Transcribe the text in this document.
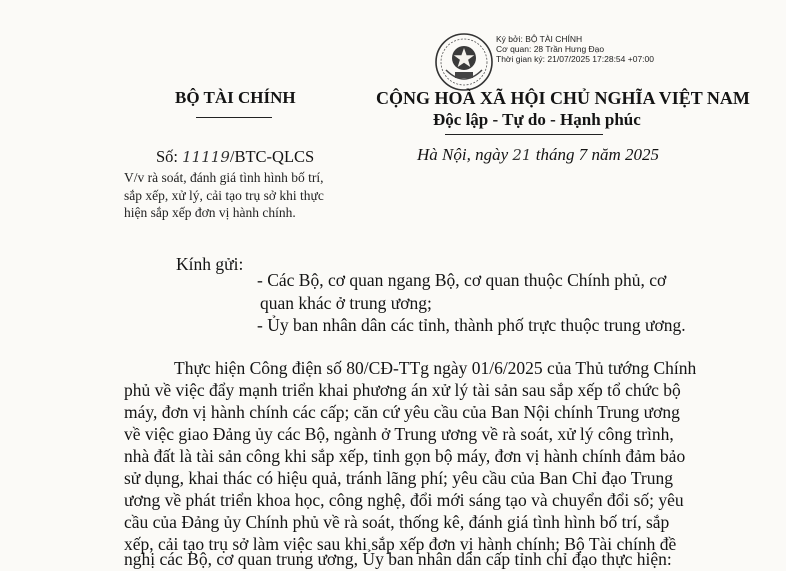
Ký bởi: BỘ TÀI CHÍNH
Cơ quan: 28 Trần Hưng Đạo
Thời gian ký: 21/07/2025 17:28:54 +07:00
BỘ TÀI CHÍNH	CỘNG HOÀ XÃ HỘI CHỦ NGHĨA VIỆT NAM
Độc lập - Tự do - Hạnh phúc
Số: 11119/BTC-QLCS	Hà Nội, ngày 21 tháng 7 năm 2025
V/v rà soát, đánh giá tình hình bố trí,
sắp xếp, xử lý, cải tạo trụ sở khi thực
hiện sắp xếp đơn vị hành chính.
Kính gửi:
- Các Bộ, cơ quan ngang Bộ, cơ quan thuộc Chính phủ, cơ
quan khác ở trung ương;
- Ủy ban nhân dân các tỉnh, thành phố trực thuộc trung ương.
Thực hiện Công điện số 80/CĐ-TTg ngày 01/6/2025 của Thủ tướng Chính
phủ về việc đẩy mạnh triển khai phương án xử lý tài sản sau sắp xếp tổ chức bộ
máy, đơn vị hành chính các cấp; căn cứ yêu cầu của Ban Nội chính Trung ương
về việc giao Đảng ủy các Bộ, ngành ở Trung ương về rà soát, xử lý công trình,
nhà đất là tài sản công khi sắp xếp, tinh gọn bộ máy, đơn vị hành chính đảm bảo
sử dụng, khai thác có hiệu quả, tránh lãng phí; yêu cầu của Ban Chỉ đạo Trung
ương về phát triển khoa học, công nghệ, đổi mới sáng tạo và chuyển đổi số; yêu
cầu của Đảng ủy Chính phủ về rà soát, thống kê, đánh giá tình hình bố trí, sắp
xếp, cải tạo trụ sở làm việc sau khi sắp xếp đơn vị hành chính; Bộ Tài chính đề
nghị các Bộ, cơ quan trung ương, Ủy ban nhân dân cấp tỉnh chỉ đạo thực hiện:
